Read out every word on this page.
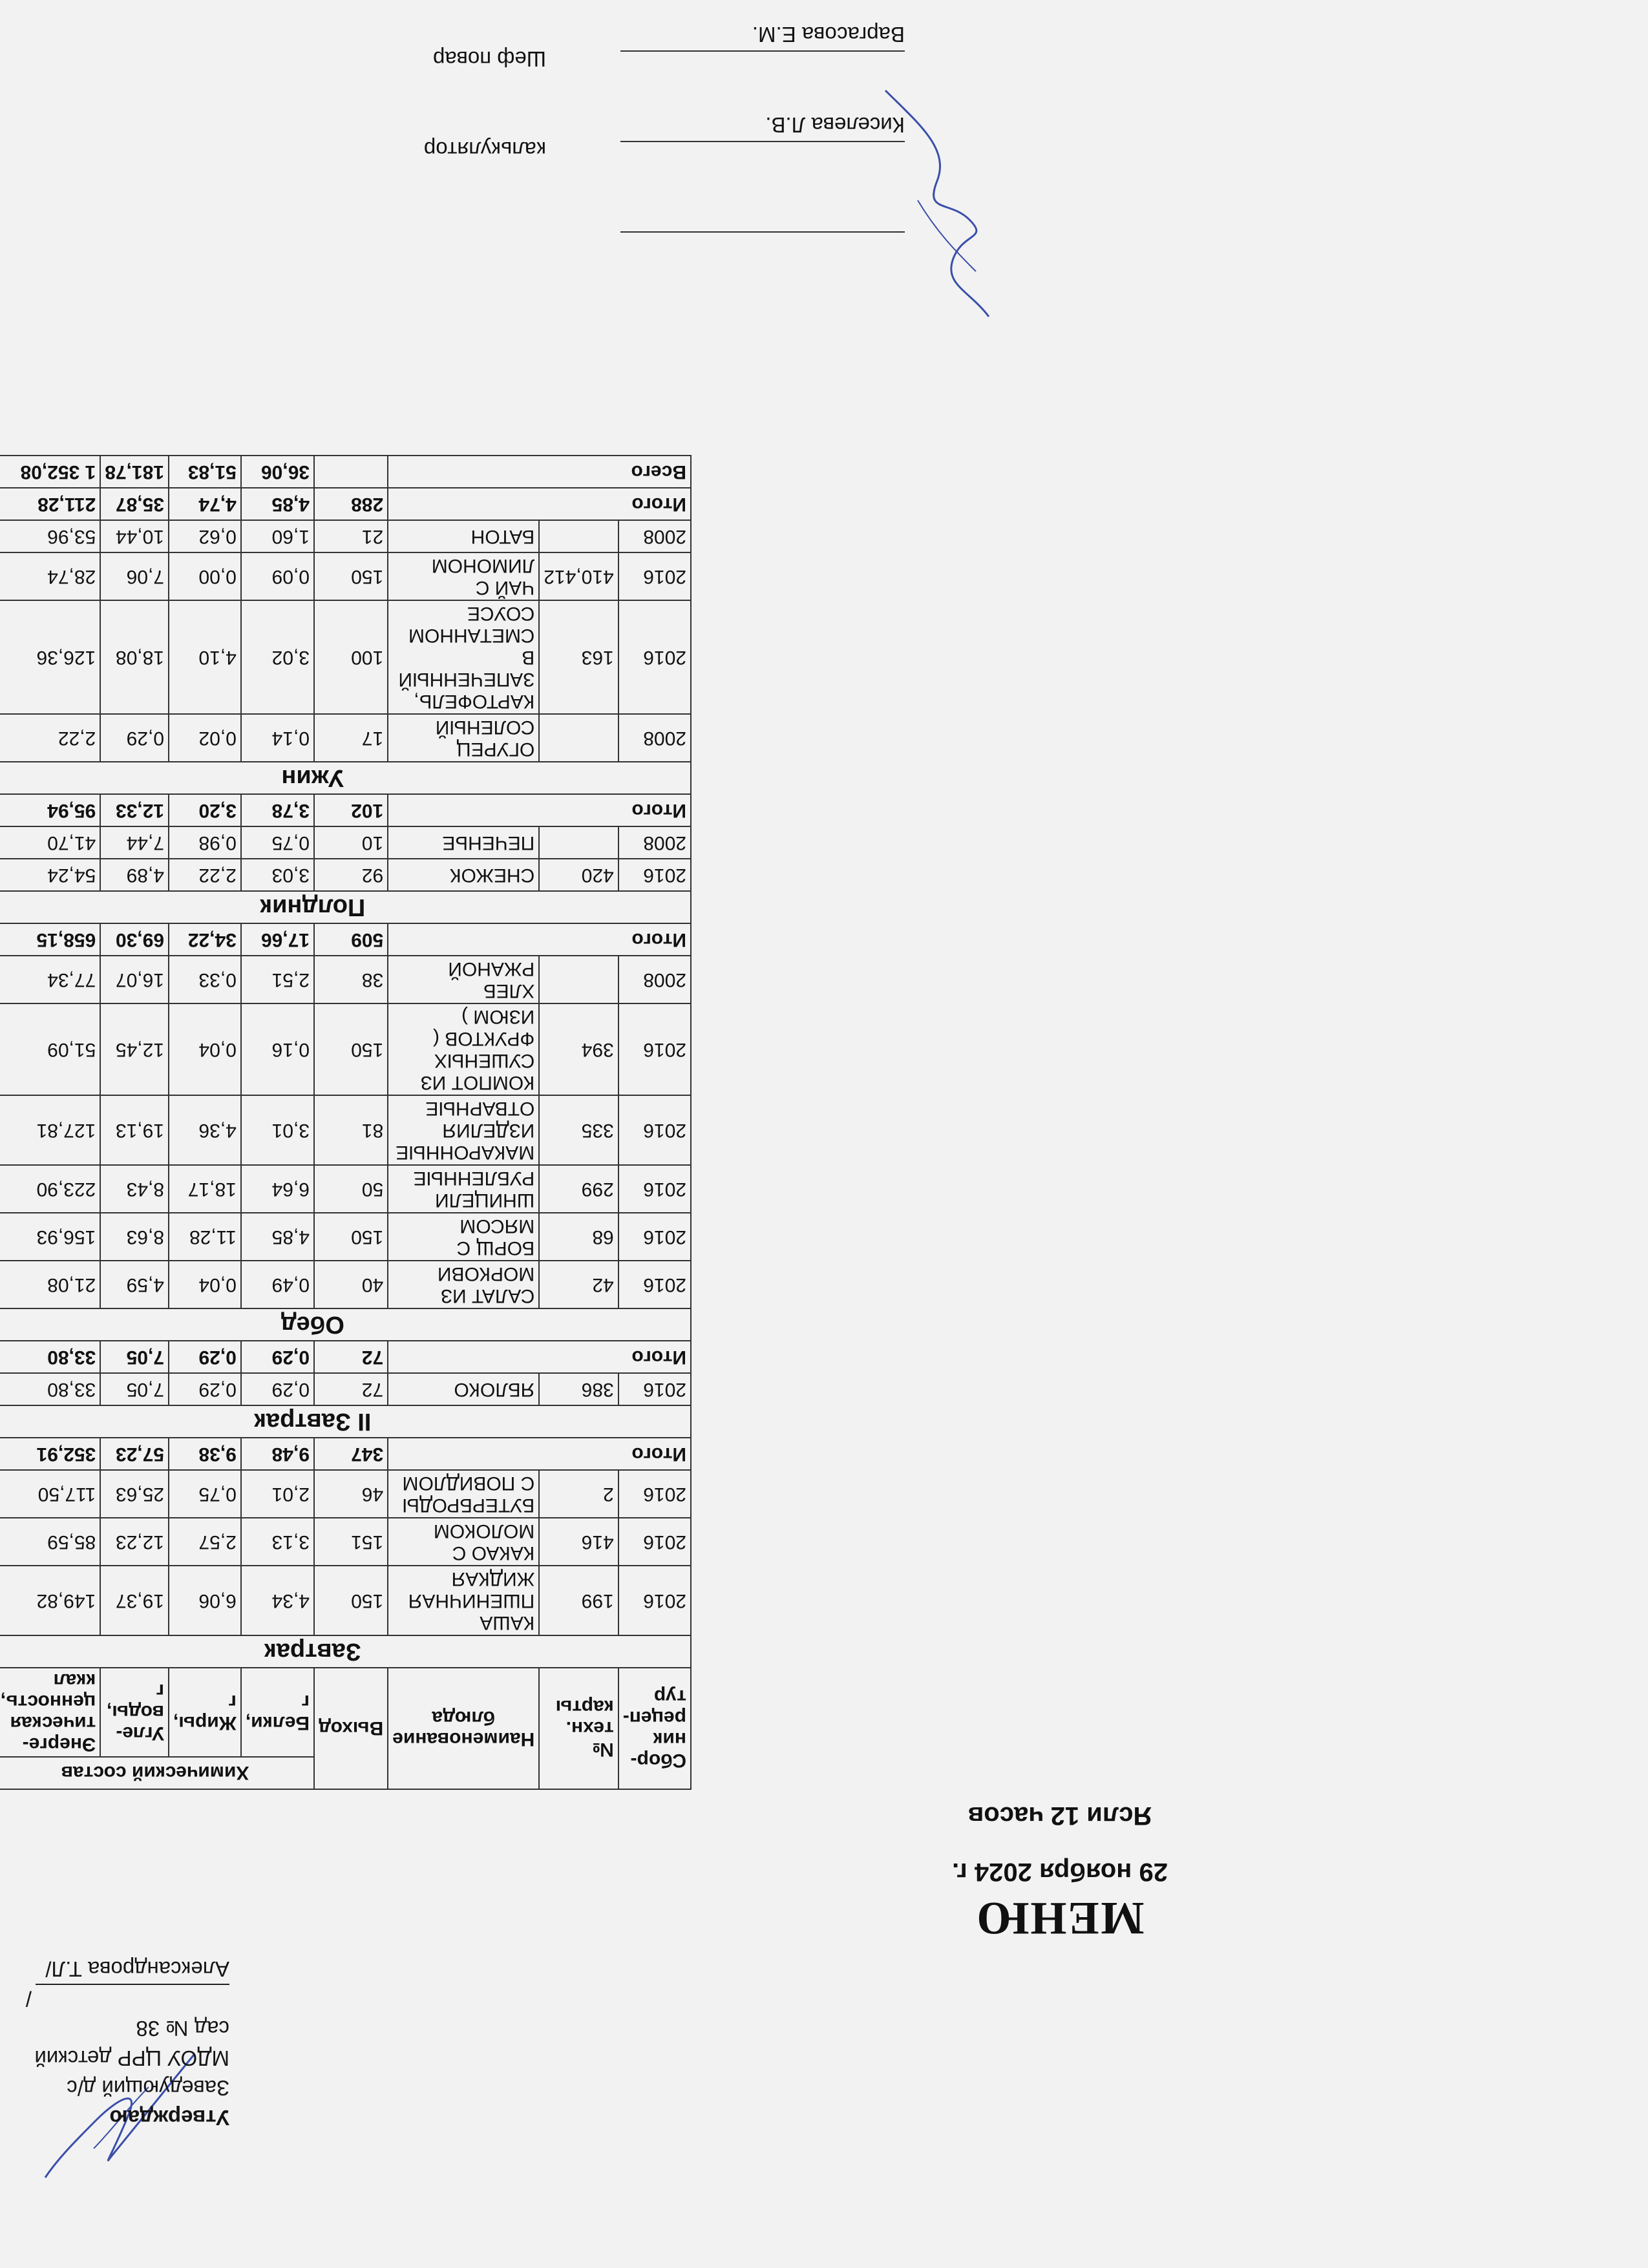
Утверждаю
Заведующий д/с
МДОУ ЦРР детский сад № 38
/Александрова Т.Л/
МЕНЮ
29 ноября 2024 г.
Ясли 12 часов
Сбор-ник рецеп-тур	№ техн. карты	Наименование блюда	Выход	Химический состав	
				Белки, г	Жиры, г	Угле-воды, г	Энерге-тическая ценность, ккал	
Завтрак								
2016	199	КАША ПШЕНИЧНАЯ ЖИДКАЯ	150	4,34	6,06	19,37	149,82	
2016	416	КАКАО С МОЛОКОМ	151	3,13	2,57	12,23	85,59	
2016	2	БУТЕРБРОДЫ С ПОВИДЛОМ	46	2,01	0,75	25,63	117,50	
Итого			347	9,48	9,38	57,23	352,91	
II Завтрак								
2016	386	ЯБЛОКО	72	0,29	0,29	7,05	33,80	
Итого			72	0,29	0,29	7,05	33,80	
Обед								
2016	42	САЛАТ ИЗ МОРКОВИ	40	0,49	0,04	4,59	21,08	
2016	68	БОРЩ С МЯСОМ	150	4,85	11,28	8,63	156,93	
2016	299	ШНИЦЕЛИ РУБЛЕННЫЕ	50	6,64	18,17	8,43	223,90	
2016	335	МАКАРОННЫЕ ИЗДЕЛИЯ ОТВАРНЫЕ	81	3,01	4,36	19,13	127,81	
2016	394	КОМПОТ ИЗ СУШЕНЫХ ФРУКТОВ ( ИЗЮМ )	150	0,16	0,04	12,45	51,09	
2008		ХЛЕБ РЖАНОЙ	38	2,51	0,33	16,07	77,34	
Итого			509	17,66	34,22	69,30	658,15	
Полдник								
2016	420	СНЕЖОК	92	3,03	2,22	4,89	54,24	
2008		ПЕЧЕНЬЕ	10	0,75	0,98	7,44	41,70	
Итого			102	3,78	3,20	12,33	95,94	
Ужин								
2008		ОГУРЕЦ СОЛЕНЫЙ	17	0,14	0,02	0,29	2,22	
2016	163	КАРТОФЕЛЬ, ЗАПЕЧЕННЫЙ В СМЕТАННОМ СОУСЕ	100	3,02	4,10	18,08	126,36	
2016	410,412	ЧАЙ С ЛИМОНОМ	150	0,09	0,00	7,06	28,74	
2008		БАТОН	21	1,60	0,62	10,44	53,96	
Итого			288	4,85	4,74	35,87	211,28	
Всего				36,06	51,83	181,78	1 352,08	
калькулятор
Киселева Л.В.
Шеф повар
Варгасова Е.М.
